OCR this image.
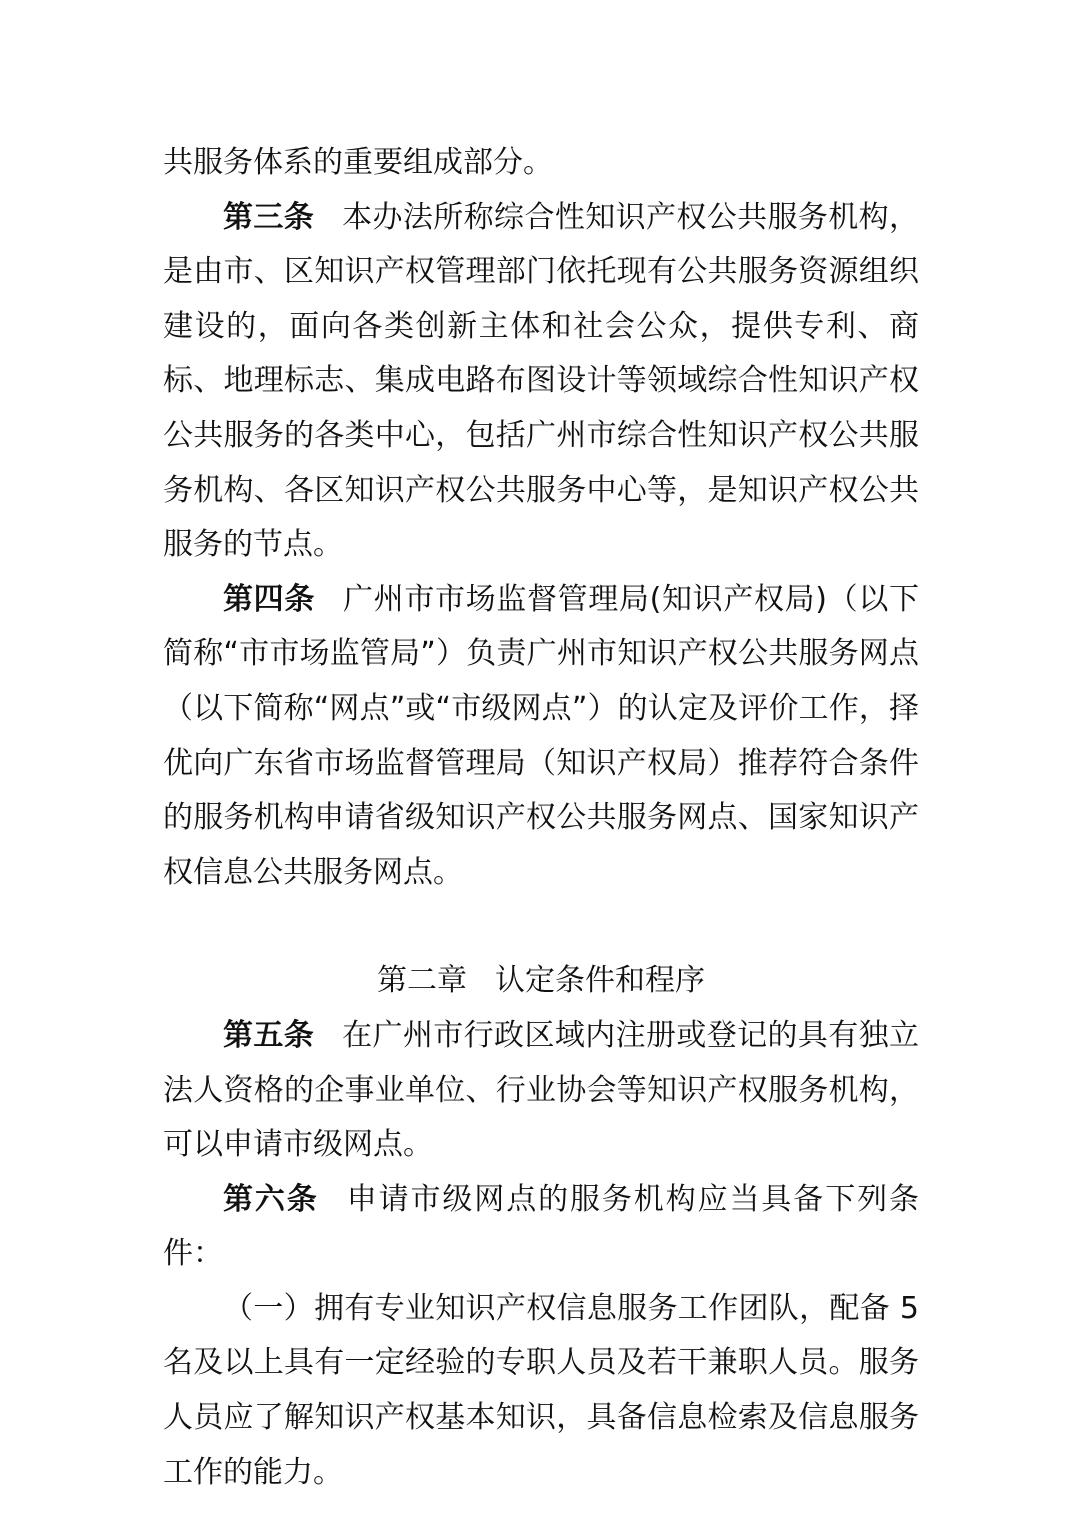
共服务体系的重要组成部分。

第三条 本办法所称综合性知识产权公共服务机构，是由市、区知识产权管理部门依托现有公共服务资源组织建设的，面向各类创新主体和社会公众，提供专利、商标、地理标志、集成电路布图设计等领域综合性知识产权公共服务的各类中心，包括广州市综合性知识产权公共服务机构、各区知识产权公共服务中心等，是知识产权公共服务的节点。

第四条 广州市市场监督管理局(知识产权局)（以下简称“市市场监管局”）负责广州市知识产权公共服务网点（以下简称“网点”或“市级网点”）的认定及评价工作，择优向广东省市场监督管理局（知识产权局）推荐符合条件的服务机构申请省级知识产权公共服务网点、国家知识产权信息公共服务网点。

第二章 认定条件和程序

第五条 在广州市行政区域内注册或登记的具有独立法人资格的企事业单位、行业协会等知识产权服务机构，可以申请市级网点。

第六条 申请市级网点的服务机构应当具备下列条件：

（一）拥有专业知识产权信息服务工作团队，配备 5 名及以上具有一定经验的专职人员及若干兼职人员。服务人员应了解知识产权基本知识，具备信息检索及信息服务工作的能力。
